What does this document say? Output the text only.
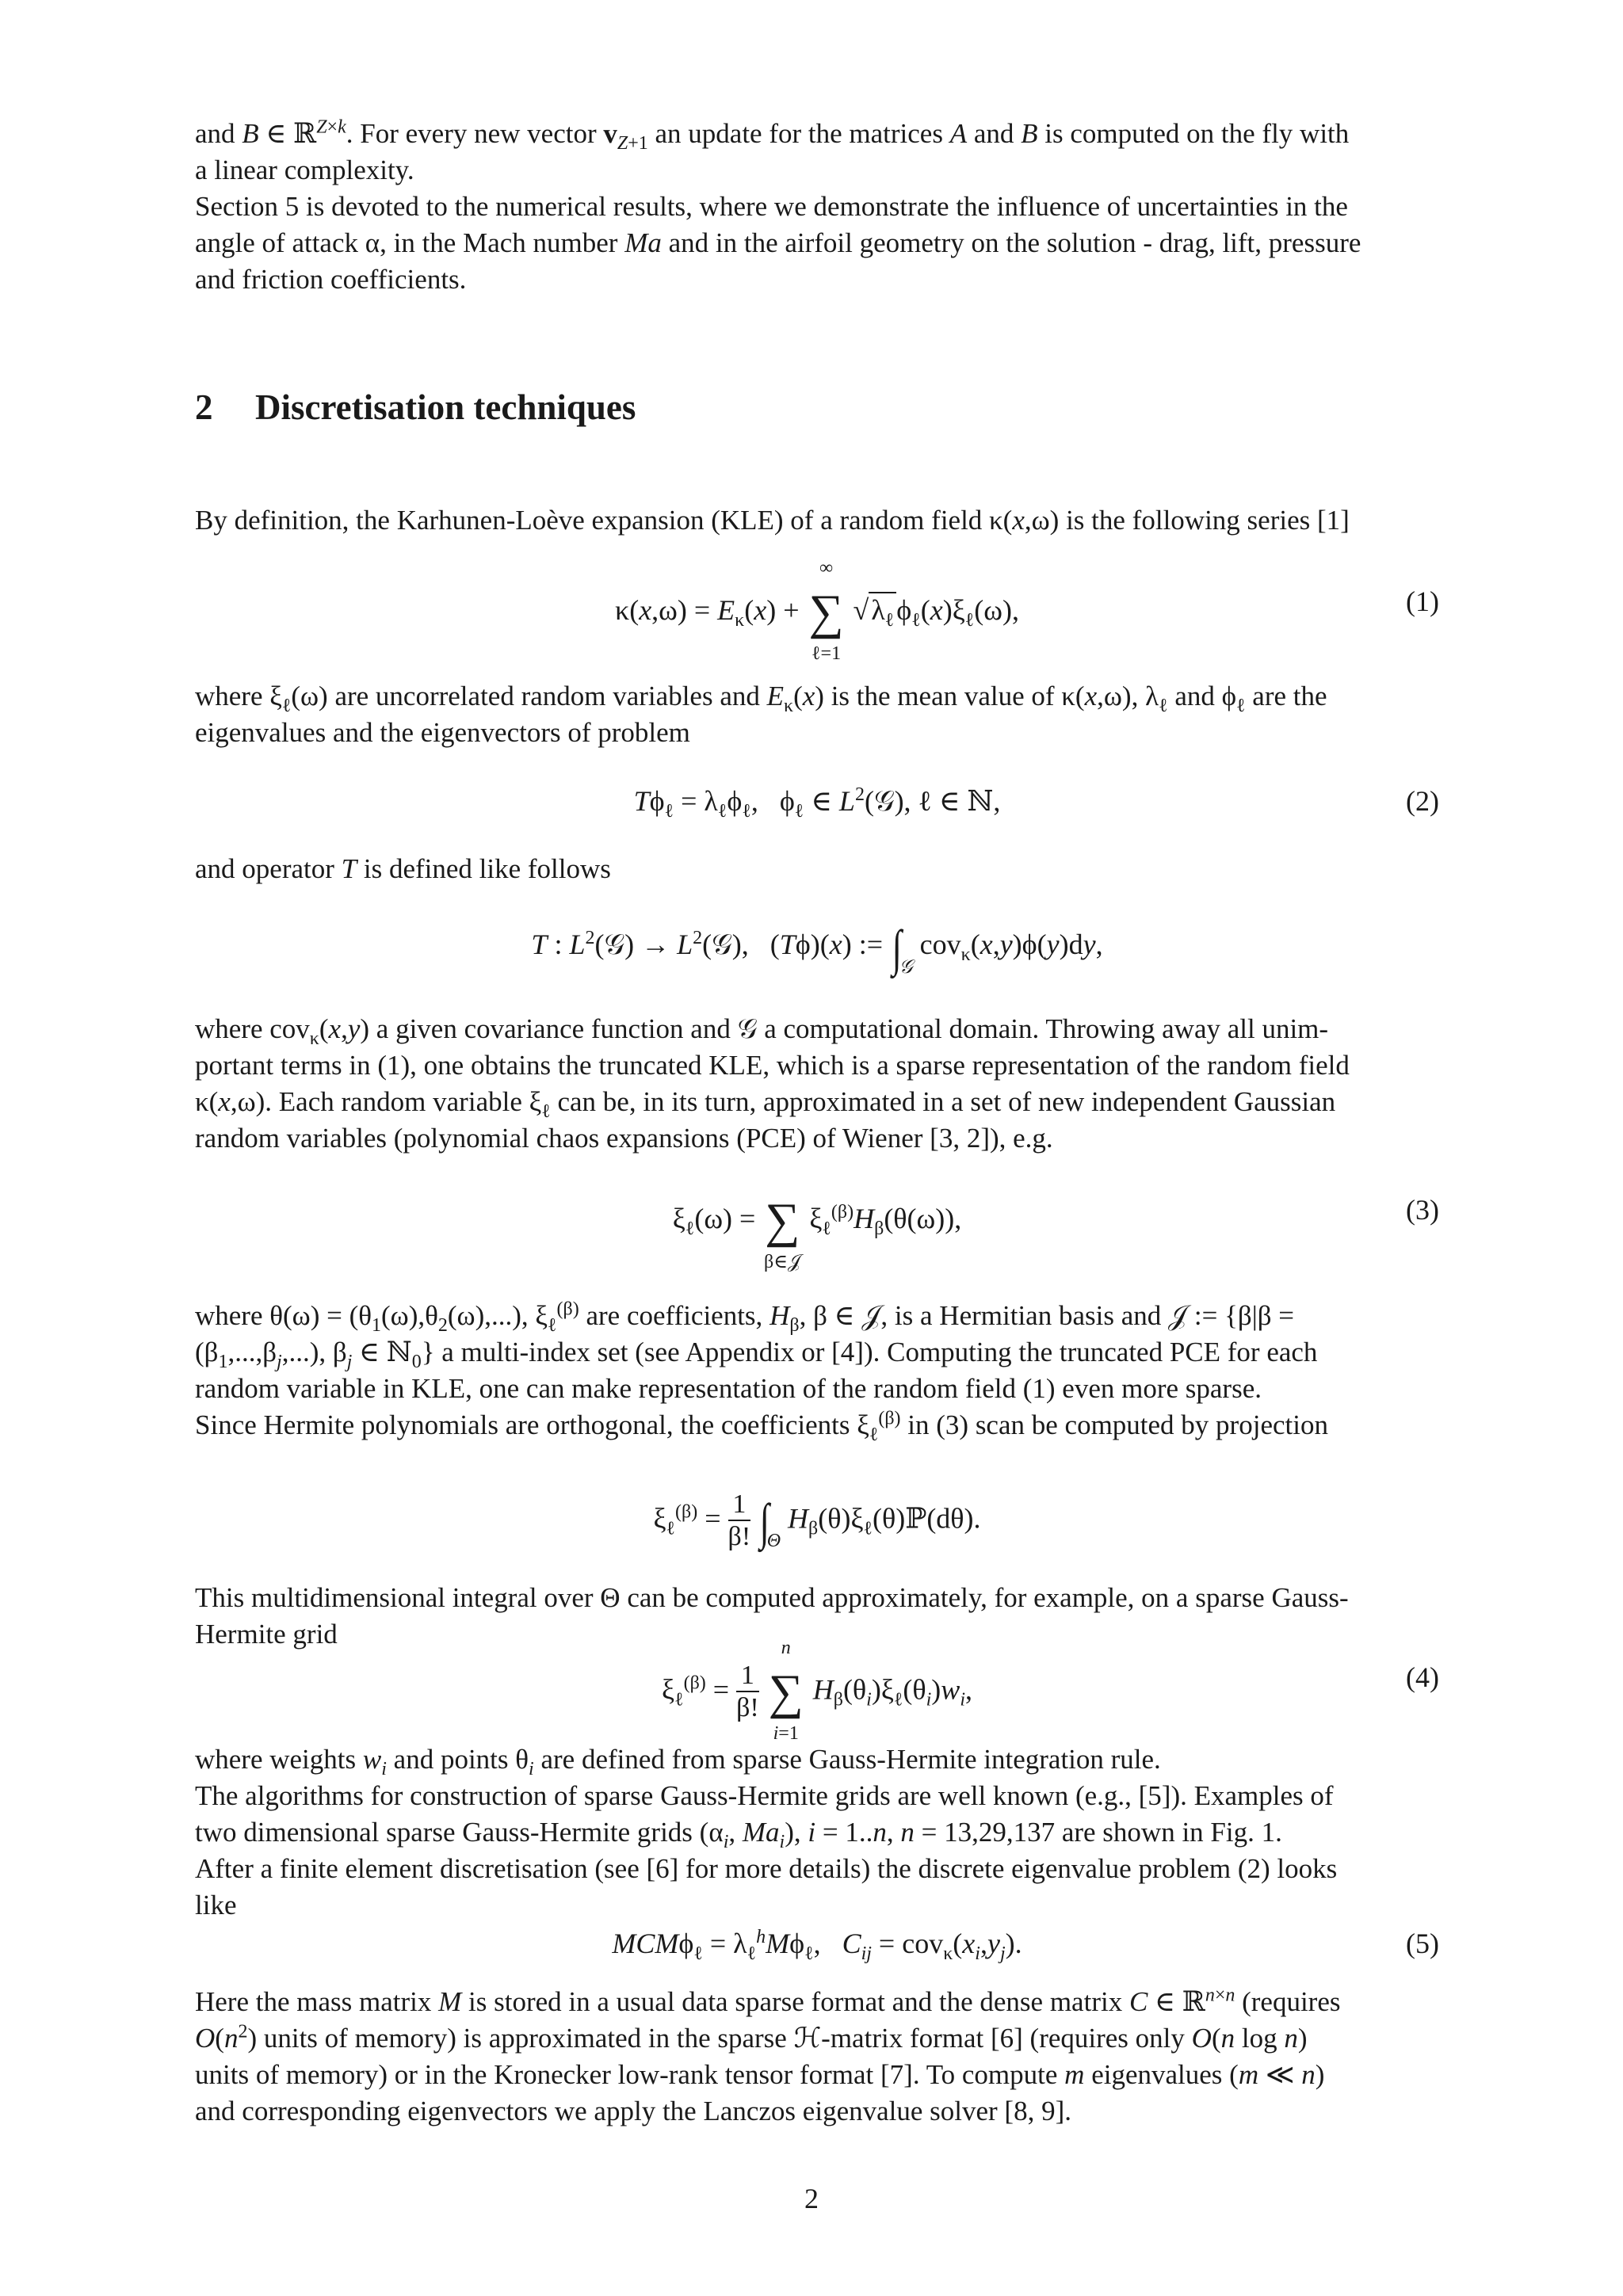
and B ∈ ℝ$^{Z\times k}$. For every new vector $v_{Z+1}$ an update for the matrices A and B is computed on the fly with
a linear complexity.

Section 5 is devoted to the numerical results, where we demonstrate the influence of uncertainties in the
angle of attack α, in the Mach number Ma and in the airfoil geometry on the solution - drag, lift, pressure
and friction coefficients.

2 Discretisation techniques

By definition, the Karhunen-Loève expansion (KLE) of a random field κ(x,ω) is the following series [1]

$\kappa(x,\omega) = E_\kappa(x)$ +
∞
∑
ℓ=1
$√\lambda_\ell\phi_\ell(x)\xi_\ell(\omega)$,	(1)

where $\xi_\ell(\omega)$ are uncorrelated random variables and $E_\kappa(x)$ is the mean value of κ(x,ω), $\lambda_\ell$ and $\phi_\ell$ are the
eigenvalues and the eigenvectors of problem

$T\phi_\ell = \lambda_\ell\phi_\ell$,   $\phi_\ell$ ∈ $L^2(𝒢)$, ℓ ∈ ℕ,	(2)

and operator T is defined like follows

T : $L^2(𝒢)$ → $L^2(𝒢)$,   (Tϕ)(x) := $\int_𝒢$ cov$_\kappa$(x,y)ϕ(y)dy,

where cov$_\kappa$(x,y) a given covariance function and 𝒢 a computational domain. Throwing away all unim-
portant terms in (1), one obtains the truncated KLE, which is a sparse representation of the random field
κ(x,ω). Each random variable $\xi_\ell$ can be, in its turn, approximated in a set of new independent Gaussian
random variables (polynomial chaos expansions (PCE) of Wiener [3, 2]), e.g.

$\xi_\ell(\omega)$ = ∑
β∈𝒥
$\xi_\ell^{(\beta)}H_\beta(\theta(\omega))$,	(3)

where $\theta(\omega) = (\theta_1(\omega),\theta_2(\omega),...)$, $\xi_\ell^{(\beta)}$ are coefficients, $H_\beta$, β ∈ 𝒥, is a Hermitian basis and 𝒥 := {β|β =
$(\beta_1,...,\beta_j,...)$, $\beta_j$ ∈ ℕ$_0$} a multi-index set (see Appendix or [4]). Computing the truncated PCE for each
random variable in KLE, one can make representation of the random field (1) even more sparse.
Since Hermite polynomials are orthogonal, the coefficients $\xi_\ell^{(\beta)}$ in (3) scan be computed by projection

$\xi_\ell^{(\beta)} = \frac{1}{\beta!} \int_\Theta$ $H_\beta(\theta)\xi_\ell(\theta)ℙ(d\theta)$.

This multidimensional integral over Θ can be computed approximately, for example, on a sparse Gauss-
Hermite grid

$\xi_\ell^{(\beta)} = \frac{1}{\beta!}$

n
∑
i=1
$H_\beta(\theta_i)\xi_\ell(\theta_i)w_i$,	(4)

where weights $w_i$ and points $\theta_i$ are defined from sparse Gauss-Hermite integration rule.
The algorithms for construction of sparse Gauss-Hermite grids are well known (e.g., [5]). Examples of
two dimensional sparse Gauss-Hermite grids ($\alpha_i$, $Ma_i$), i = 1..n, n = 13,29,137 are shown in Fig. 1.
After a finite element discretisation (see [6] for more details) the discrete eigenvalue problem (2) looks
like

$MCM\phi_\ell = \lambda_\ell^hM\phi_\ell$,   $C_{ij} = cov_\kappa(x_i,y_j)$.	(5)

Here the mass matrix M is stored in a usual data sparse format and the dense matrix C ∈ ℝ$^{n\times n}$ (requires
$O(n^2)$ units of memory) is approximated in the sparse ℋ-matrix format [6] (requires only O(n log n)
units of memory) or in the Kronecker low-rank tensor format [7]. To compute m eigenvalues (m ≪ n)
and corresponding eigenvectors we apply the Lanczos eigenvalue solver [8, 9].

2
